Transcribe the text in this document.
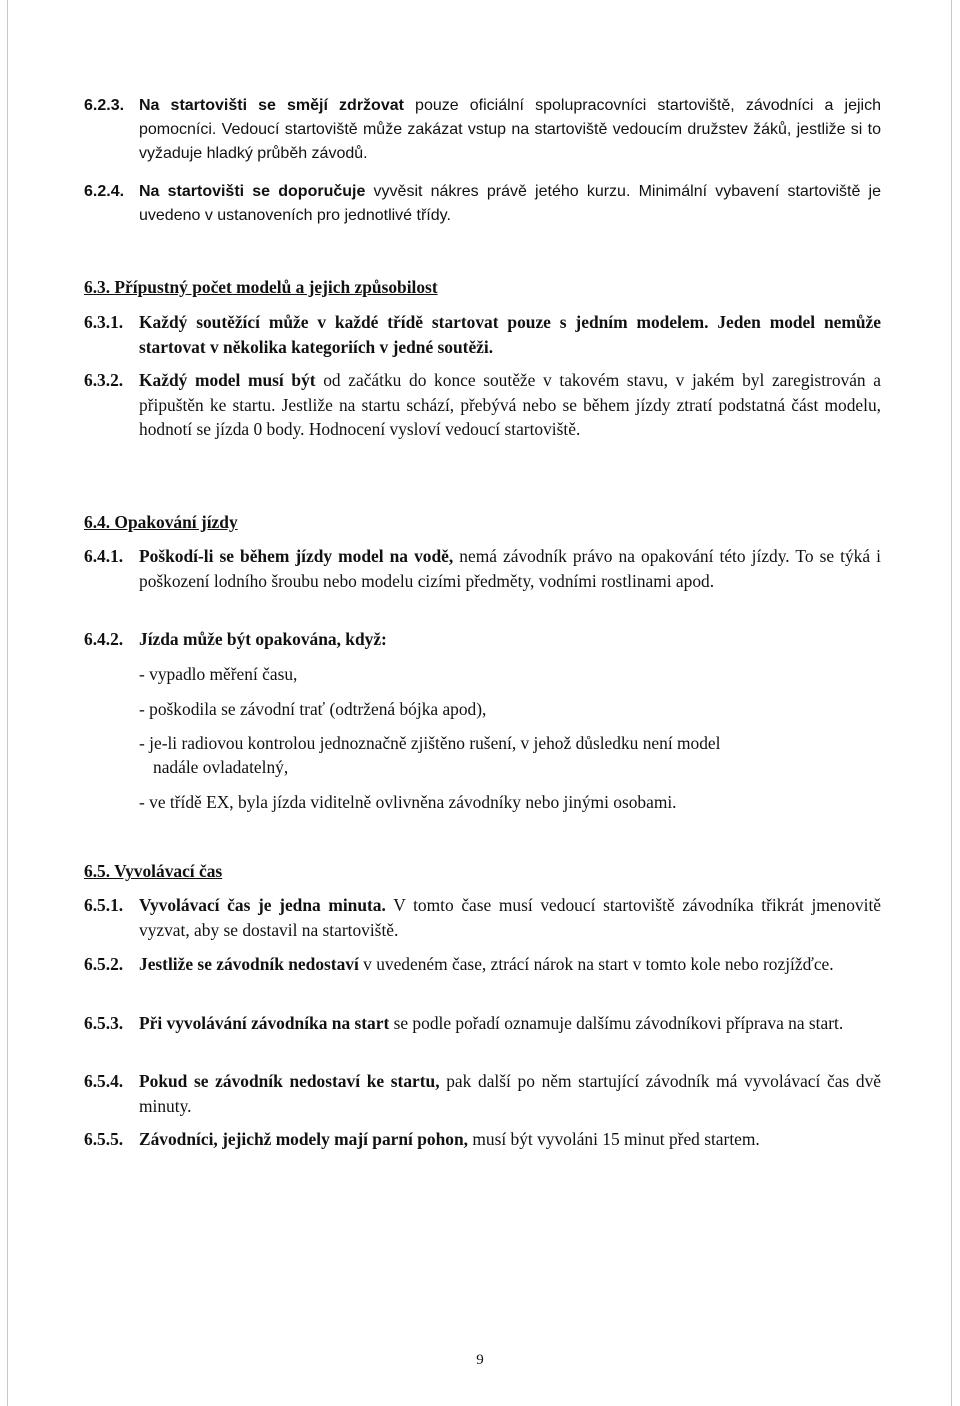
6.2.3. Na startovišti se smějí zdržovat pouze oficiální spolupracovníci startoviště, závodníci a jejich pomocníci. Vedoucí startoviště může zakázat vstup na startoviště vedoucím družstev žáků, jestliže si to vyžaduje hladký průběh závodů.
6.2.4. Na startovišti se doporučuje vyvěsit nákres právě jetého kurzu. Minimální vybavení startoviště je uvedeno v ustanoveních pro jednotlivé třídy.
6.3. Přípustný počet modelů a jejich způsobilost
6.3.1. Každý soutěžící může v každé třídě startovat pouze s jedním modelem. Jeden model nemůže startovat v několika kategoriích v jedné soutěži.
6.3.2. Každý model musí být od začátku do konce soutěže v takovém stavu, v jakém byl zaregistrován a připuštěn ke startu. Jestliže na startu schází, přebývá nebo se během jízdy ztratí podstatná část modelu, hodnotí se jízda 0 body. Hodnocení vysloví vedoucí startoviště.
6.4. Opakování jízdy
6.4.1. Poškodí-li se během jízdy model na vodě, nemá závodník právo na opakování této jízdy. To se týká i poškození lodního šroubu nebo modelu cizími předměty, vodními rostlinami apod.
6.4.2. Jízda může být opakována, když:
- vypadlo měření času,
- poškodila se závodní trať (odtržená bójka apod),
- je-li radiovou kontrolou jednoznačně zjištěno rušení, v jehož důsledku není model
nadále ovladatelný,
- ve třídě EX, byla jízda viditelně ovlivněna závodníky nebo jinými osobami.
6.5. Vyvolávací čas
6.5.1. Vyvolávací čas je jedna minuta. V tomto čase musí vedoucí startoviště závodníka třikrát jmenovitě vyzvat, aby se dostavil na startoviště.
6.5.2. Jestliže se závodník nedostaví v uvedeném čase, ztrácí nárok na start v tomto kole nebo rozjížďce.
6.5.3. Při vyvolávání závodníka na start se podle pořadí oznamuje dalšímu závodníkovi přípravа na start.
6.5.4. Pokud se závodník nedostaví ke startu, pak další po něm startující závodník má vyvolávací čas dvě minuty.
6.5.5. Závodníci, jejichž modely mají parní pohon, musí být vyvoláni 15 minut před startem.
9
